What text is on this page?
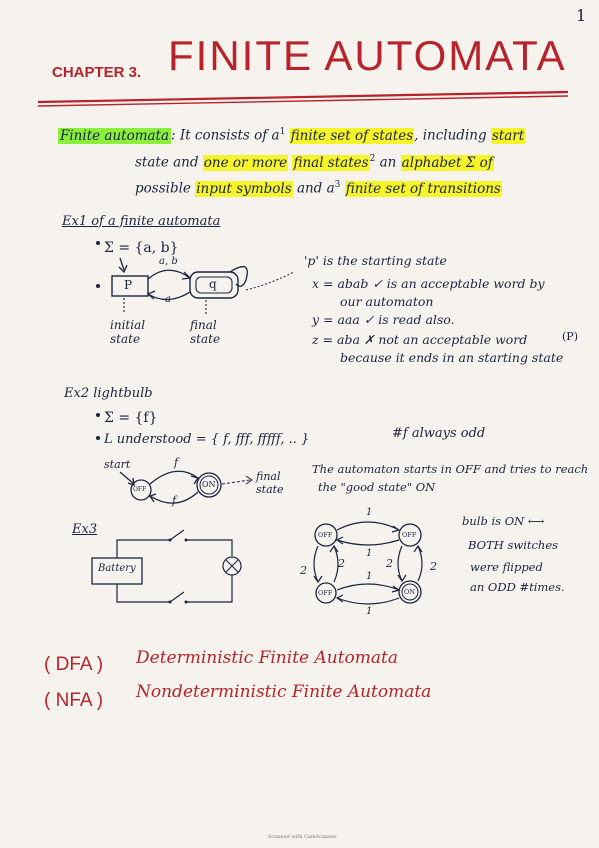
1
CHAPTER 3. FINITE AUTOMATA
Finite automata : It consists of $a^1$ finite set of states, including start
state and one or more final states$^2$ an alphabet Σ of
possible input symbols and $a^3$ finite set of transitions
Ex1 of a finite automata
Σ = {a, b}
P	q
a, b
a
initial state
final state
'p' is the starting state
x = abab ✓ is an acceptable word by
our automaton
y = aaa ✓ is read also.
z = aba ✗ not an acceptable word
because it ends in an starting state
(P)
Ex2 lightbulb
Σ = {f}
L understood = { f, fff, fffff, .. }	#f always odd
start
OFF
ON
f
f
final state
The automaton starts in OFF and tries to reach
the "good state" ON
Ex3
Battery
OFF	OFF
OFF	ON
1
1
1
1
2
2	2	2
bulb is ON ⟷
BOTH switches
were flipped
an ODD #times.
( DFA ) Deterministic Finite Automata
( NFA ) Nondeterministic Finite Automata
Scanned with CamScanner
